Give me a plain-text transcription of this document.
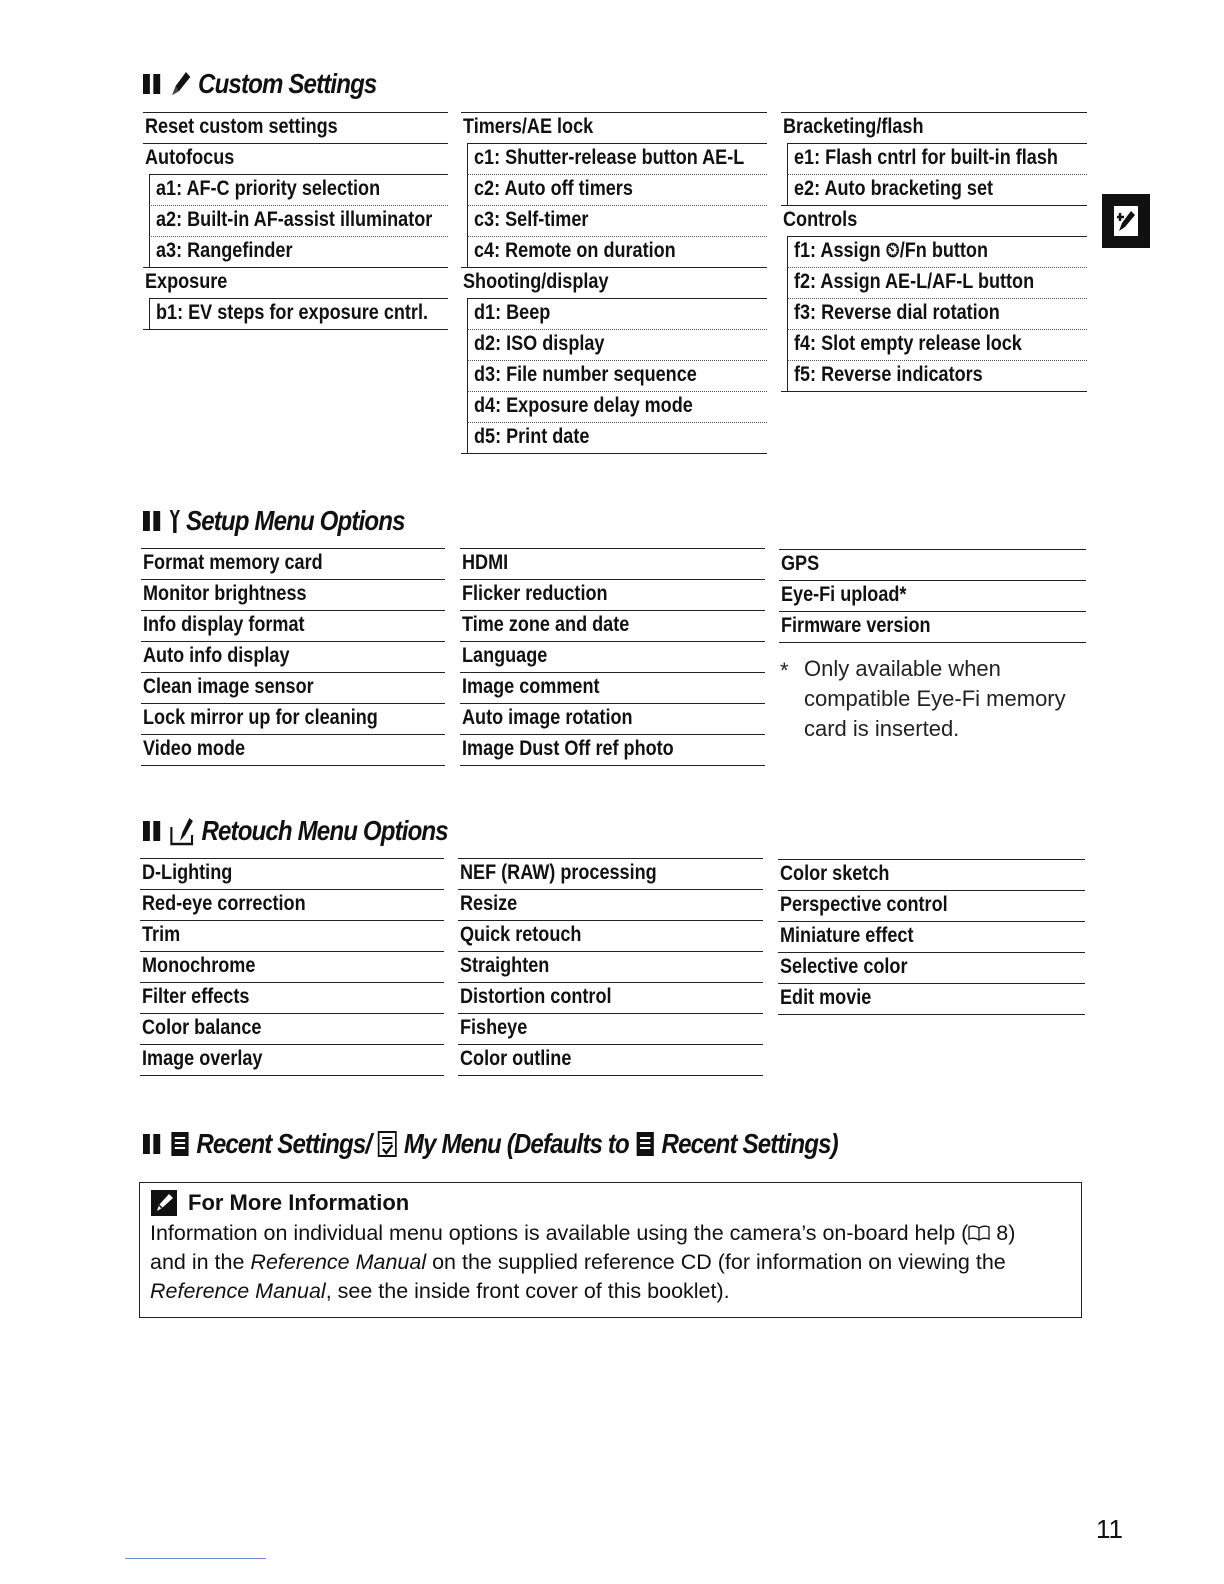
Custom Settings
Reset custom settings
Autofocus
a1: AF-C priority selection
a2: Built-in AF-assist illuminator
a3: Rangefinder
Exposure
b1: EV steps for exposure cntrl.
Timers/AE lock
c1: Shutter-release button AE-L
c2: Auto off timers
c3: Self-timer
c4: Remote on duration
Shooting/display
d1: Beep
d2: ISO display
d3: File number sequence
d4: Exposure delay mode
d5: Print date
Bracketing/flash
e1: Flash cntrl for built-in flash
e2: Auto bracketing set
Controls
f1: Assign ⏲/Fn button
f2: Assign AE-L/AF-L button
f3: Reverse dial rotation
f4: Slot empty release lock
f5: Reverse indicators
Setup Menu Options
Format memory card
Monitor brightness
Info display format
Auto info display
Clean image sensor
Lock mirror up for cleaning
Video mode
HDMI
Flicker reduction
Time zone and date
Language
Image comment
Auto image rotation
Image Dust Off ref photo
GPS
Eye-Fi upload*
Firmware version
* Only available when compatible Eye-Fi memory card is inserted.
Retouch Menu Options
D-Lighting
Red-eye correction
Trim
Monochrome
Filter effects
Color balance
Image overlay
NEF (RAW) processing
Resize
Quick retouch
Straighten
Distortion control
Fisheye
Color outline
Color sketch
Perspective control
Miniature effect
Selective color
Edit movie
Recent Settings/ My Menu (Defaults to Recent Settings)
For More Information
Information on individual menu options is available using the camera’s on-board help ( 8)
and in the Reference Manual on the supplied reference CD (for information on viewing the
Reference Manual, see the inside front cover of this booklet).
11
